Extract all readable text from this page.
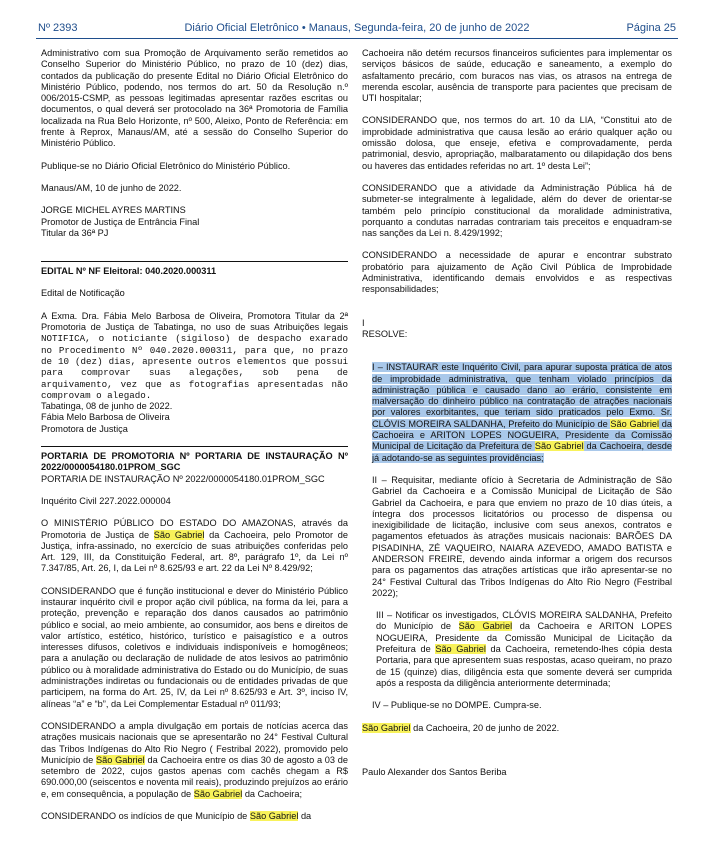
Nº 2393	Diário Oficial Eletrônico • Manaus, Segunda-feira, 20 de junho de 2022	Página 25

Administrativo com sua Promoção de Arquivamento serão remetidos ao Conselho Superior do Ministério Público, no prazo de 10 (dez) dias, contados da publicação do presente Edital no Diário Oficial Eletrônico do Ministério Público, podendo, nos termos do art. 50 da Resolução n.º 006/2015-CSMP, as pessoas legitimadas apresentar razões escritas ou documentos, o qual deverá ser protocolado na 36ª Promotoria de Família localizada na Rua Belo Horizonte, nº 500, Aleixo, Ponto de Referência: em frente à Reprox, Manaus/AM, até a sessão do Conselho Superior do Ministério Público.

Publique-se no Diário Oficial Eletrônico do Ministério Público.

Manaus/AM, 10 de junho de 2022.

JORGE MICHEL AYRES MARTINS

Promotor de Justiça de Entrância Final

Titular da 36ª PJ

EDITAL Nº NF Eleitoral: 040.2020.000311

Edital de Notificação

A Exma. Dra. Fábia Melo Barbosa de Oliveira, Promotora Titular da 2ª Promotoria de Justiça de Tabatinga, no uso de suas Atribuições legais NOTIFICA, o noticiante (sigiloso) de despacho exarado no Procedimento Nº 040.2020.000311, para que, no prazo de 10 (dez) dias, apresente outros elementos que possui para comprovar suas alegações, sob pena de arquivamento, vez que as fotografias apresentadas não comprovam o alegado.

Tabatinga, 08 de junho de 2022.

Fábia Melo Barbosa de Oliveira

Promotora de Justiça

PORTARIA DE PROMOTORIA Nº PORTARIA DE INSTAURAÇÃO Nº 2022/0000054180.01PROM_SGC

PORTARIA DE INSTAURAÇÃO Nº 2022/0000054180.01PROM_SGC

Inquérito Civil 227.2022.000004

O MINISTÉRIO PÚBLICO DO ESTADO DO AMAZONAS, através da Promotoria de Justiça de São Gabriel da Cachoeira, pelo Promotor de Justiça, infra-assinado, no exercício de suas atribuições conferidas pelo Art. 129, III, da Constituição Federal, art. 8º, parágrafo 1º, da Lei nº 7.347/85, Art. 26, I, da Lei nº 8.625/93 e art. 22 da Lei Nº 8.429/92;

CONSIDERANDO que é função institucional e dever do Ministério Público instaurar inquérito civil e propor ação civil pública, na forma da lei, para a proteção, prevenção e reparação dos danos causados ao patrimônio público e social, ao meio ambiente, ao consumidor, aos bens e direitos de valor artístico, estético, histórico, turístico e paisagístico e a outros interesses difusos, coletivos e individuais indisponíveis e homogêneos; para a anulação ou declaração de nulidade de atos lesivos ao patrimônio público ou à moralidade administrativa do Estado ou do Município, de suas administrações indiretas ou fundacionais ou de entidades privadas de que participem, na forma do Art. 25, IV, da Lei nº 8.625/93 e Art. 3º, inciso IV, alíneas “a” e “b”, da Lei Complementar Estadual nº 011/93;

CONSIDERANDO a ampla divulgação em portais de notícias acerca das atrações musicais nacionais que se apresentarão no 24° Festival Cultural das Tribos Indígenas do Alto Rio Negro ( Festribal 2022), promovido pelo Município de São Gabriel da Cachoeira entre os dias 30 de agosto a 03 de setembro de 2022, cujos gastos apenas com cachês chegam a R$ 690.000,00 (seiscentos e noventa mil reais), produzindo prejuízos ao erário e, em consequência, a população de São Gabriel da Cachoeira;

CONSIDERANDO os indícios de que Município de São Gabriel da

Cachoeira não detém recursos financeiros suficientes para implementar os serviços básicos de saúde, educação e saneamento, a exemplo do asfaltamento precário, com buracos nas vias, os atrasos na entrega de merenda escolar, ausência de transporte para pacientes que precisam de UTI hospitalar;

CONSIDERANDO que, nos termos do art. 10 da LIA, “Constitui ato de improbidade administrativa que causa lesão ao erário qualquer ação ou omissão dolosa, que enseje, efetiva e comprovadamente, perda patrimonial, desvio, apropriação, malbaratamento ou dilapidação dos bens ou haveres das entidades referidas no art. 1º desta Lei”;

CONSIDERANDO que a atividade da Administração Pública há de submeter-se integralmente à legalidade, além do dever de orientar-se também pelo princípio constitucional da moralidade administrativa, porquanto a condutas narradas contrariam tais preceitos e enquadram-se nas sanções da Lei n. 8.429/1992;

CONSIDERANDO a necessidade de apurar e encontrar substrato probatório para ajuizamento de Ação Civil Pública de Improbidade Administrativa, identificando demais envolvidos e as respectivas responsabilidades;

I

RESOLVE:

I – INSTAURAR este Inquérito Civil, para apurar suposta prática de atos de improbidade administrativa, que tenham violado princípios da administração pública e causado dano ao erário, consistente em malversação do dinheiro público na contratação de atrações nacionais por valores exorbitantes, que teriam sido praticados pelo Exmo. Sr. CLÓVIS MOREIRA SALDANHA, Prefeito do Município de São Gabriel da Cachoeira e ARITON LOPES NOGUEIRA, Presidente da Comissão Municipal de Licitação da Prefeitura de São Gabriel da Cachoeira, desde já adotando-se as seguintes providências;

II – Requisitar, mediante ofício à Secretaria de Administração de São Gabriel da Cachoeira e a Comissão Municipal de Licitação de São Gabriel da Cachoeira, e para que enviem no prazo de 10 dias úteis, a íntegra dos processos licitatórios ou processo de dispensa ou inexigibilidade de licitação, inclusive com seus anexos, contratos e pagamentos efetuados às atrações musicais nacionais: BARÕES DA PISADINHA, ZÉ VAQUEIRO, NAIARA AZEVEDO, AMADO BATISTA e ANDERSON FREIRE, devendo ainda informar a origem dos recursos para os pagamentos das atrações artísticas que irão apresentar-se no 24° Festival Cultural das Tribos Indígenas do Alto Rio Negro (Festribal 2022);

III – Notificar os investigados, CLÓVIS MOREIRA SALDANHA, Prefeito do Município de São Gabriel da Cachoeira e ARITON LOPES NOGUEIRA, Presidente da Comissão Municipal de Licitação da Prefeitura de São Gabriel da Cachoeira, remetendo-lhes cópia desta Portaria, para que apresentem suas respostas, acaso queiram, no prazo de 15 (quinze) dias, diligência esta que somente deverá ser cumprida após a resposta da diligência anteriormente determinada;

IV – Publique-se no DOMPE. Cumpra-se.

São Gabriel da Cachoeira, 20 de junho de 2022.

Paulo Alexander dos Santos Beriba
